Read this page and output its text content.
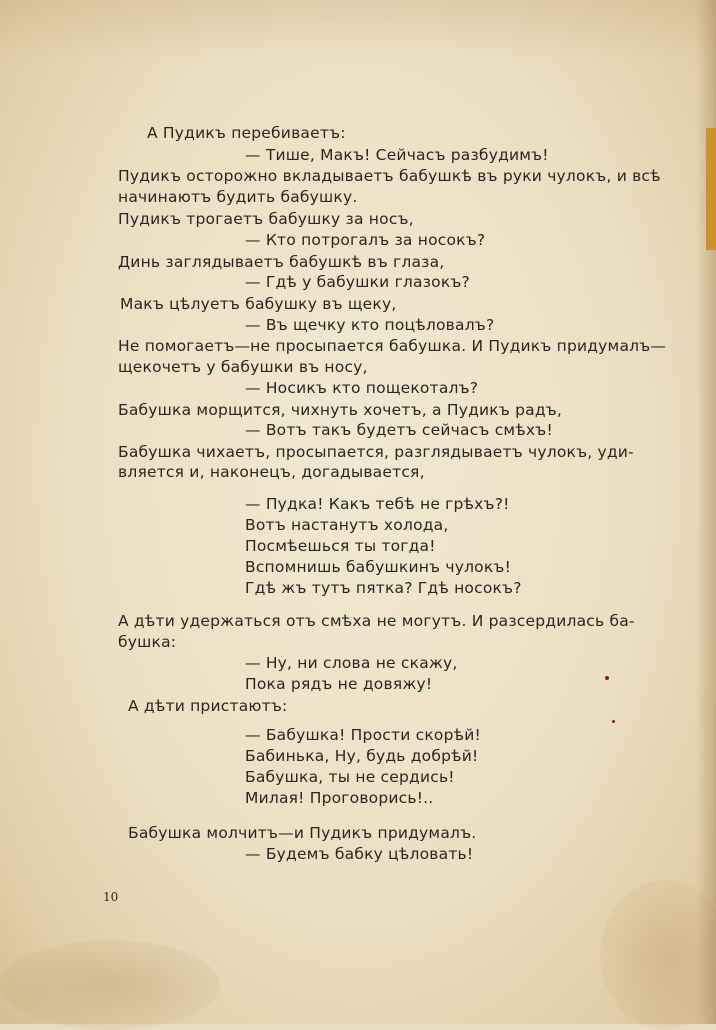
А Пудикъ перебиваетъ:

— Тише, Макъ! Сейчасъ разбудимъ!

Пудикъ осторожно вкладываетъ бабушкѣ въ руки чулокъ, и всѣ

начинаютъ будить бабушку.

Пудикъ трогаетъ бабушку за носъ,

— Кто потрогалъ за носокъ?

Динь заглядываетъ бабушкѣ въ глаза,

— Гдѣ у бабушки глазокъ?

Макъ цѣлуетъ бабушку въ щеку,

— Въ щечку кто поцѣловалъ?

Не помогаетъ—не просыпается бабушка. И Пудикъ придумалъ—

щекочетъ у бабушки въ носу,

— Носикъ кто пощекоталъ?

Бабушка морщится, чихнуть хочетъ, а Пудикъ радъ,

— Вотъ такъ будетъ сейчасъ смѣхъ!

Бабушка чихаетъ, просыпается, разглядываетъ чулокъ, уди-

вляется и, наконецъ, догадывается,

— Пудка! Какъ тебѣ не грѣхъ?!

Вотъ настанутъ холода,

Посмѣешься ты тогда!

Вспомнишь бабушкинъ чулокъ!

Гдѣ жъ тутъ пятка? Гдѣ носокъ?

А дѣти удержаться отъ смѣха не могутъ. И разсердилась ба-

бушка:

— Ну, ни слова не скажу,

Пока рядъ не довяжу!

А дѣти пристаютъ:

— Бабушка! Прости скорѣй!

Бабинька, Ну, будь добрѣй!

Бабушка, ты не сердись!

Милая! Проговорись!..

Бабушка молчитъ—и Пудикъ придумалъ.

— Будемъ бабку цѣловать!

10
